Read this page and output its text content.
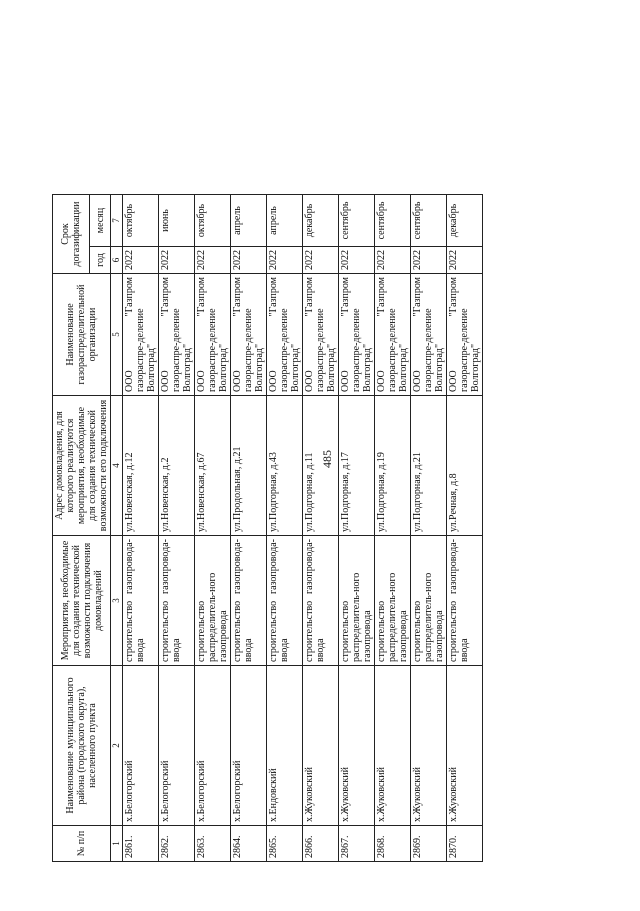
485
№ п/п	Наименование муниципального района (городского округа), населенного пункта	Мероприятия, необходимые для создания технической возможности подключения домовладений	Адрес домовладения, для которого реализуются мероприятия, необходимые для создания технической возможности его подключения	Наименование газораспределительной организации	Срок догазификации	
					год	месяц
1	2	3	4	5	6	7
2861.	х.Белогорский	строительство газопровода-ввода	ул.Новенская, д.12	ООО "Газпром газораспре-деление Волгоград"	2022	октябрь
2862.	х.Белогорский	строительство газопровода-ввода	ул.Новенская, д.2	ООО "Газпром газораспре-деление Волгоград"	2022	июнь
2863.	х.Белогорский	строительство распределитель-ного газопровода	ул.Новенская, д.67	ООО "Газпром газораспре-деление Волгоград"	2022	октябрь
2864.	х.Белогорский	строительство газопровода-ввода	ул.Продольная, д.21	ООО "Газпром газораспре-деление Волгоград"	2022	апрель
2865.	х.Ендовский	строительство газопровода-ввода	ул.Подгорная, д.43	ООО "Газпром газораспре-деление Волгоград"	2022	апрель
2866.	х.Жуковский	строительство газопровода-ввода	ул.Подгорная, д.11	ООО "Газпром газораспре-деление Волгоград"	2022	декабрь
2867.	х.Жуковский	строительство распределитель-ного газопровода	ул.Подгорная, д.17	ООО "Газпром газораспре-деление Волгоград"	2022	сентябрь
2868.	х.Жуковский	строительство распределитель-ного газопровода	ул.Подгорная, д.19	ООО "Газпром газораспре-деление Волгоград"	2022	сентябрь
2869.	х.Жуковский	строительство распределитель-ного газопровода	ул.Подгорная, д.21	ООО "Газпром газораспре-деление Волгоград"	2022	сентябрь
2870.	х.Жуковский	строительство газопровода-ввода	ул.Речная, д.8	ООО "Газпром газораспре-деление Волгоград"	2022	декабрь
